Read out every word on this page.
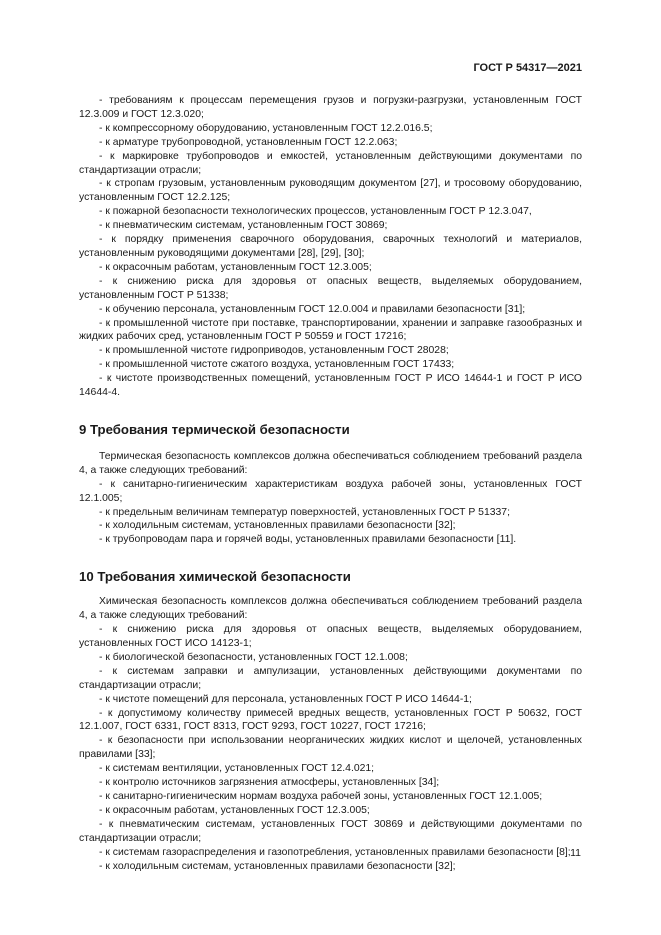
ГОСТ Р 54317—2021

- требованиям к процессам перемещения грузов и погрузки-разгрузки, установленным ГОСТ 12.3.009 и ГОСТ 12.3.020;

- к компрессорному оборудованию, установленным ГОСТ 12.2.016.5;

- к арматуре трубопроводной, установленным ГОСТ 12.2.063;

- к маркировке трубопроводов и емкостей, установленным действующими документами по стандартизации отрасли;

- к стропам грузовым, установленным руководящим документом [27], и тросовому оборудованию, установленным ГОСТ 12.2.125;

- к пожарной безопасности технологических процессов, установленным ГОСТ Р 12.3.047,

- к пневматическим системам, установленным ГОСТ 30869;

- к порядку применения сварочного оборудования, сварочных технологий и материалов, установленным руководящими документами [28], [29], [30];

- к окрасочным работам, установленным ГОСТ 12.3.005;

- к снижению риска для здоровья от опасных веществ, выделяемых оборудованием, установленным ГОСТ Р 51338;

- к обучению персонала, установленным ГОСТ 12.0.004 и правилами безопасности [31];

- к промышленной чистоте при поставке, транспортировании, хранении и заправке газообразных и жидких рабочих сред, установленным ГОСТ Р 50559 и ГОСТ 17216;

- к промышленной чистоте гидроприводов, установленным ГОСТ 28028;

- к промышленной чистоте сжатого воздуха, установленным ГОСТ 17433;

- к чистоте производственных помещений, установленным ГОСТ Р ИСО 14644-1 и ГОСТ Р ИСО 14644-4.

9 Требования термической безопасности

Термическая безопасность комплексов должна обеспечиваться соблюдением требований раздела 4, а также следующих требований:

- к санитарно-гигиеническим характеристикам воздуха рабочей зоны, установленных ГОСТ 12.1.005;

- к предельным величинам температур поверхностей, установленных ГОСТ Р 51337;

- к холодильным системам, установленных правилами безопасности [32];

- к трубопроводам пара и горячей воды, установленных правилами безопасности [11].

10 Требования химической безопасности

Химическая безопасность комплексов должна обеспечиваться соблюдением требований раздела 4, а также следующих требований:

- к снижению риска для здоровья от опасных веществ, выделяемых оборудованием, установленных ГОСТ ИСО 14123-1;

- к биологической безопасности, установленных ГОСТ 12.1.008;

- к системам заправки и ампулизации, установленных действующими документами по стандартизации отрасли;

- к чистоте помещений для персонала, установленных ГОСТ Р ИСО 14644-1;

- к допустимому количеству примесей вредных веществ, установленных ГОСТ Р 50632, ГОСТ 12.1.007, ГОСТ 6331, ГОСТ 8313, ГОСТ 9293, ГОСТ 10227, ГОСТ 17216;

- к безопасности при использовании неорганических жидких кислот и щелочей, установленных правилами [33];

- к системам вентиляции, установленных ГОСТ 12.4.021;

- к контролю источников загрязнения атмосферы, установленных [34];

- к санитарно-гигиеническим нормам воздуха рабочей зоны, установленных ГОСТ 12.1.005;

- к окрасочным работам, установленных ГОСТ 12.3.005;

- к пневматическим системам, установленных ГОСТ 30869 и действующими документами по стандартизации отрасли;

- к системам газораспределения и газопотребления, установленных правилами безопасности [8];

- к холодильным системам, установленных правилами безопасности [32];

11
